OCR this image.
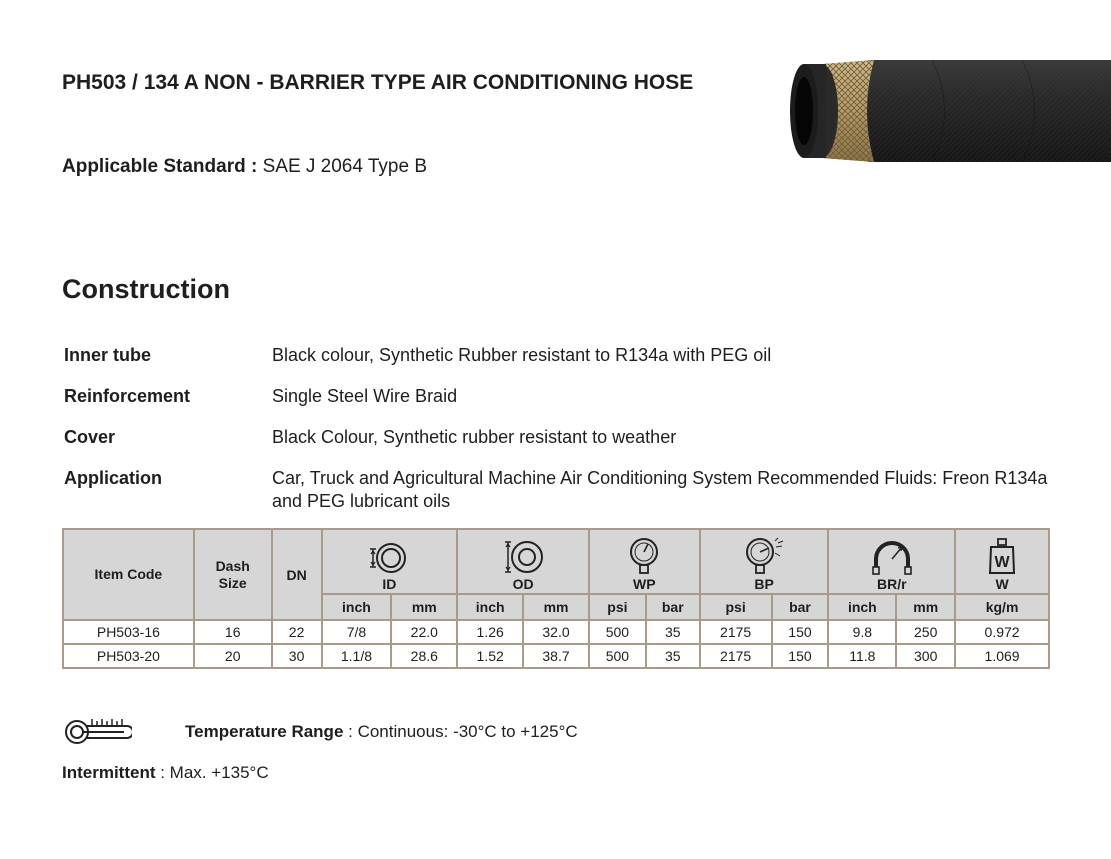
PH503 / 134 A NON - BARRIER TYPE AIR CONDITIONING HOSE
Applicable Standard : SAE J 2064 Type B
Construction
Inner tube	Black colour, Synthetic Rubber resistant to R134a with PEG oil
Reinforcement	Single Steel Wire Braid
Cover	Black Colour, Synthetic rubber resistant to weather
Application	Car, Truck and Agricultural Machine Air Conditioning System Recommended Fluids: Freon R134a and PEG lubricant oils
Item Code	Dash Size	DN	ID		OD		WP		BP		BR/r		W
W

			inch	mm	inch	mm	psi	bar	psi	bar	inch	mm	kg/m
PH503-16	16	22	7/8	22.0	1.26	32.0	500	35	2175	150	9.8	250	0.972
PH503-20	20	30	1.1/8	28.6	1.52	38.7	500	35	2175	150	11.8	300	1.069
Temperature Range : Continuous: -30°C to +125°C
Intermittent : Max. +135°C
